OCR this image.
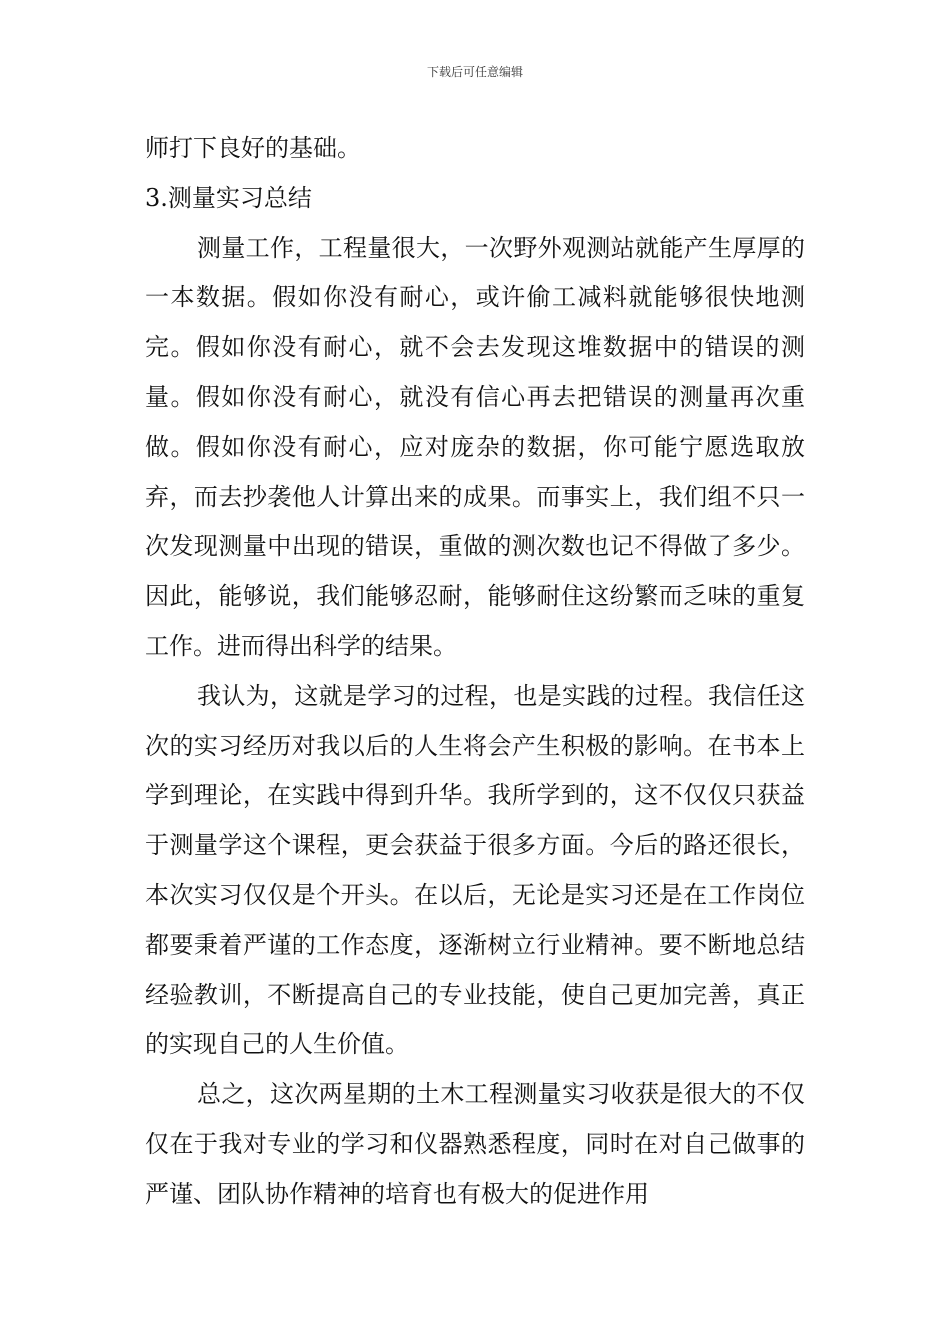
下载后可任意编辑

师打下良好的基础。

3.测量实习总结

测量工作，工程量很大，一次野外观测站就能产生厚厚的一本数据。假如你没有耐心，或许偷工减料就能够很快地测完。假如你没有耐心，就不会去发现这堆数据中的错误的测量。假如你没有耐心，就没有信心再去把错误的测量再次重做。假如你没有耐心，应对庞杂的数据，你可能宁愿选取放弃，而去抄袭他人计算出来的成果。而事实上，我们组不只一次发现测量中出现的错误，重做的测次数也记不得做了多少。因此，能够说，我们能够忍耐，能够耐住这纷繁而乏味的重复工作。进而得出科学的结果。

我认为，这就是学习的过程，也是实践的过程。我信任这次的实习经历对我以后的人生将会产生积极的影响。在书本上学到理论，在实践中得到升华。我所学到的，这不仅仅只获益于测量学这个课程，更会获益于很多方面。今后的路还很长，本次实习仅仅是个开头。在以后，无论是实习还是在工作岗位都要秉着严谨的工作态度，逐渐树立行业精神。要不断地总结经验教训，不断提高自己的专业技能，使自己更加完善，真正的实现自己的人生价值。

总之，这次两星期的土木工程测量实习收获是很大的不仅仅在于我对专业的学习和仪器熟悉程度，同时在对自己做事的严谨、团队协作精神的培育也有极大的促进作用
